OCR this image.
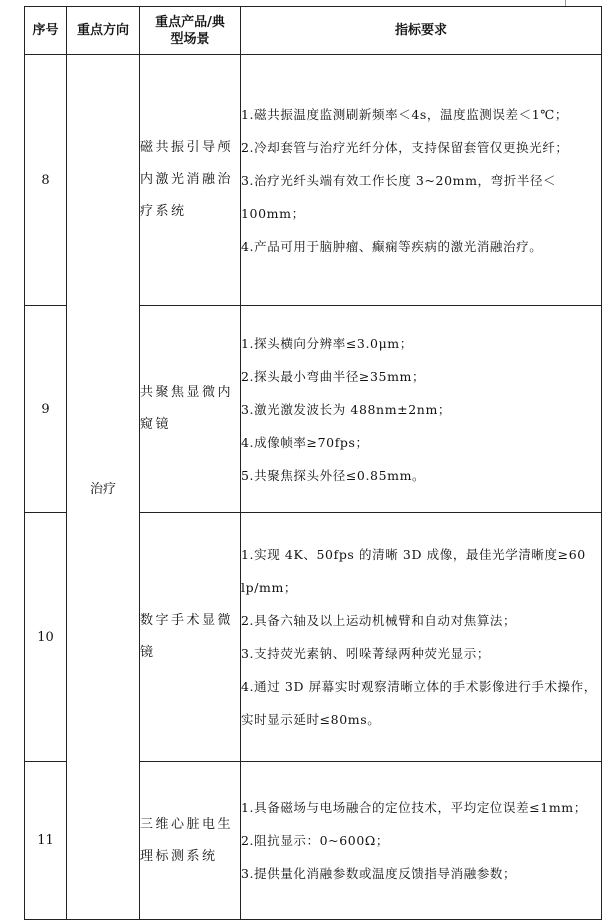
序号	重点方向	重点产品/典型场景	指标要求
8	治疗	磁共振引导颅内激光消融治疗系统	1.磁共振温度监测刷新频率＜4s，温度监测误差＜1℃；

2.冷却套管与治疗光纤分体，支持保留套管仅更换光纤；

3.治疗光纤头端有效工作长度 3~20mm，弯折半径＜100mm；

4.产品可用于脑肿瘤、癫痫等疾病的激光消融治疗。

9		共聚焦显微内窥镜	1.探头横向分辨率≤3.0μm；

2.探头最小弯曲半径≥35mm；

3.激光激发波长为 488nm±2nm；

4.成像帧率≥70fps；

5.共聚焦探头外径≤0.85mm。

10		数字手术显微镜	1.实现 4K、50fps 的清晰 3D 成像，最佳光学清晰度≥60 lp/mm；

2.具备六轴及以上运动机械臂和自动对焦算法；

3.支持荧光素钠、吲哚菁绿两种荧光显示；

4.通过 3D 屏幕实时观察清晰立体的手术影像进行手术操作，实时显示延时≤80ms。

11		三维心脏电生理标测系统	1.具备磁场与电场融合的定位技术，平均定位误差≤1mm；

2.阻抗显示：0~600Ω；

3.提供量化消融参数或温度反馈指导消融参数；
